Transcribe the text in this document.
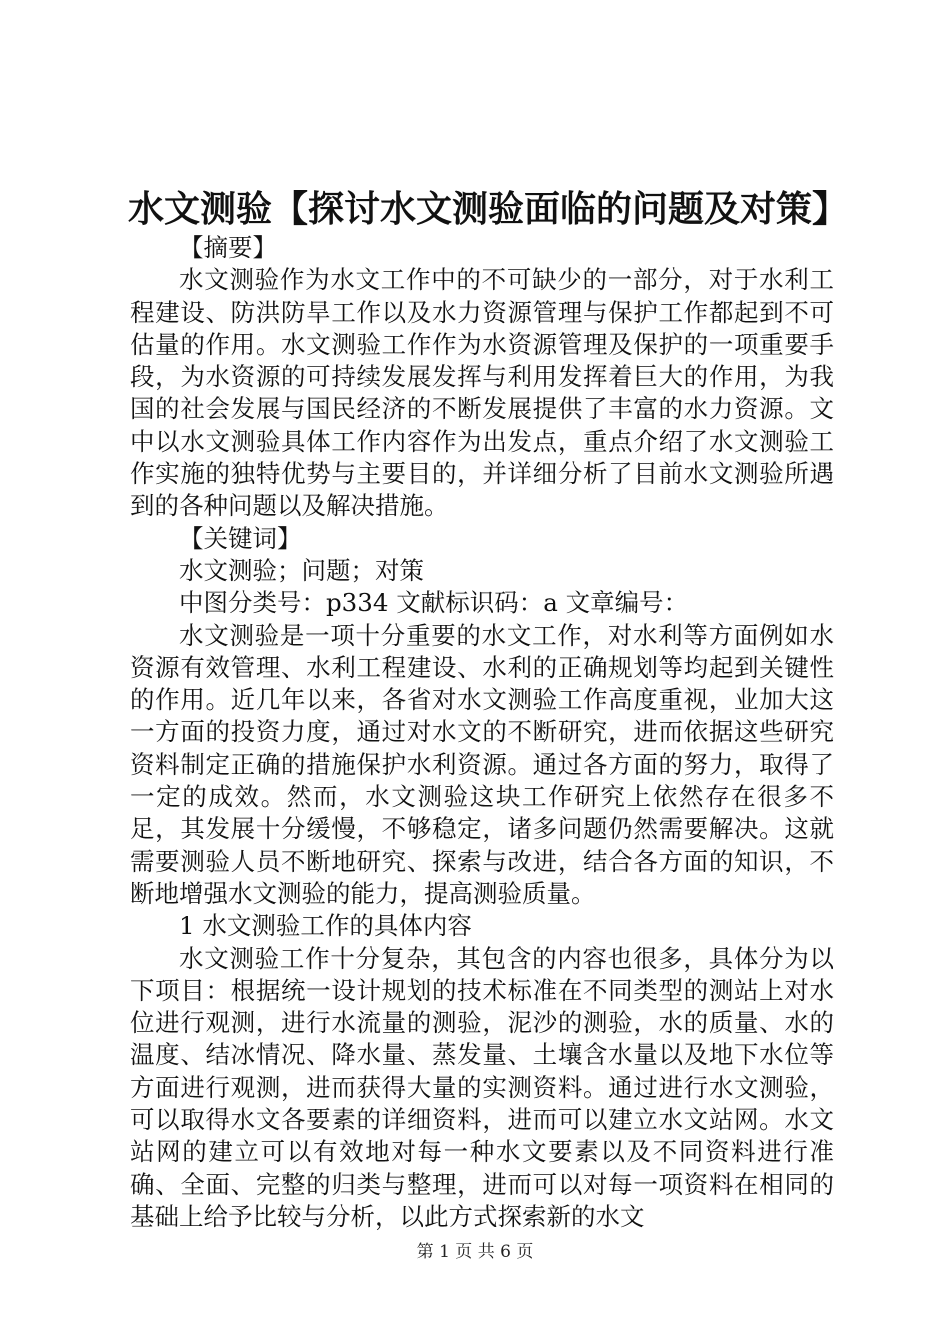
水文测验【探讨水文测验面临的问题及对策】

【摘要】

水文测验作为水文工作中的不可缺少的一部分，对于水利工程建设、防洪防旱工作以及水力资源管理与保护工作都起到不可估量的作用。水文测验工作作为水资源管理及保护的一项重要手段，为水资源的可持续发展发挥与利用发挥着巨大的作用，为我国的社会发展与国民经济的不断发展提供了丰富的水力资源。文中以水文测验具体工作内容作为出发点，重点介绍了水文测验工作实施的独特优势与主要目的，并详细分析了目前水文测验所遇到的各种问题以及解决措施。

【关键词】

水文测验；问题；对策

中图分类号：p334 文献标识码：a 文章编号：

水文测验是一项十分重要的水文工作，对水利等方面例如水资源有效管理、水利工程建设、水利的正确规划等均起到关键性的作用。近几年以来，各省对水文测验工作高度重视，业加大这一方面的投资力度，通过对水文的不断研究，进而依据这些研究资料制定正确的措施保护水利资源。通过各方面的努力，取得了一定的成效。然而，水文测验这块工作研究上依然存在很多不足，其发展十分缓慢，不够稳定，诸多问题仍然需要解决。这就需要测验人员不断地研究、探索与改进，结合各方面的知识，不断地增强水文测验的能力，提高测验质量。

1 水文测验工作的具体内容

水文测验工作十分复杂，其包含的内容也很多，具体分为以下项目：根据统一设计规划的技术标准在不同类型的测站上对水位进行观测，进行水流量的测验，泥沙的测验，水的质量、水的温度、结冰情况、降水量、蒸发量、土壤含水量以及地下水位等方面进行观测，进而获得大量的实测资料。通过进行水文测验，可以取得水文各要素的详细资料，进而可以建立水文站网。水文站网的建立可以有效地对每一种水文要素以及不同资料进行准确、全面、完整的归类与整理，进而可以对每一项资料在相同的基础上给予比较与分析，以此方式探索新的水文

第 1 页 共 6 页
